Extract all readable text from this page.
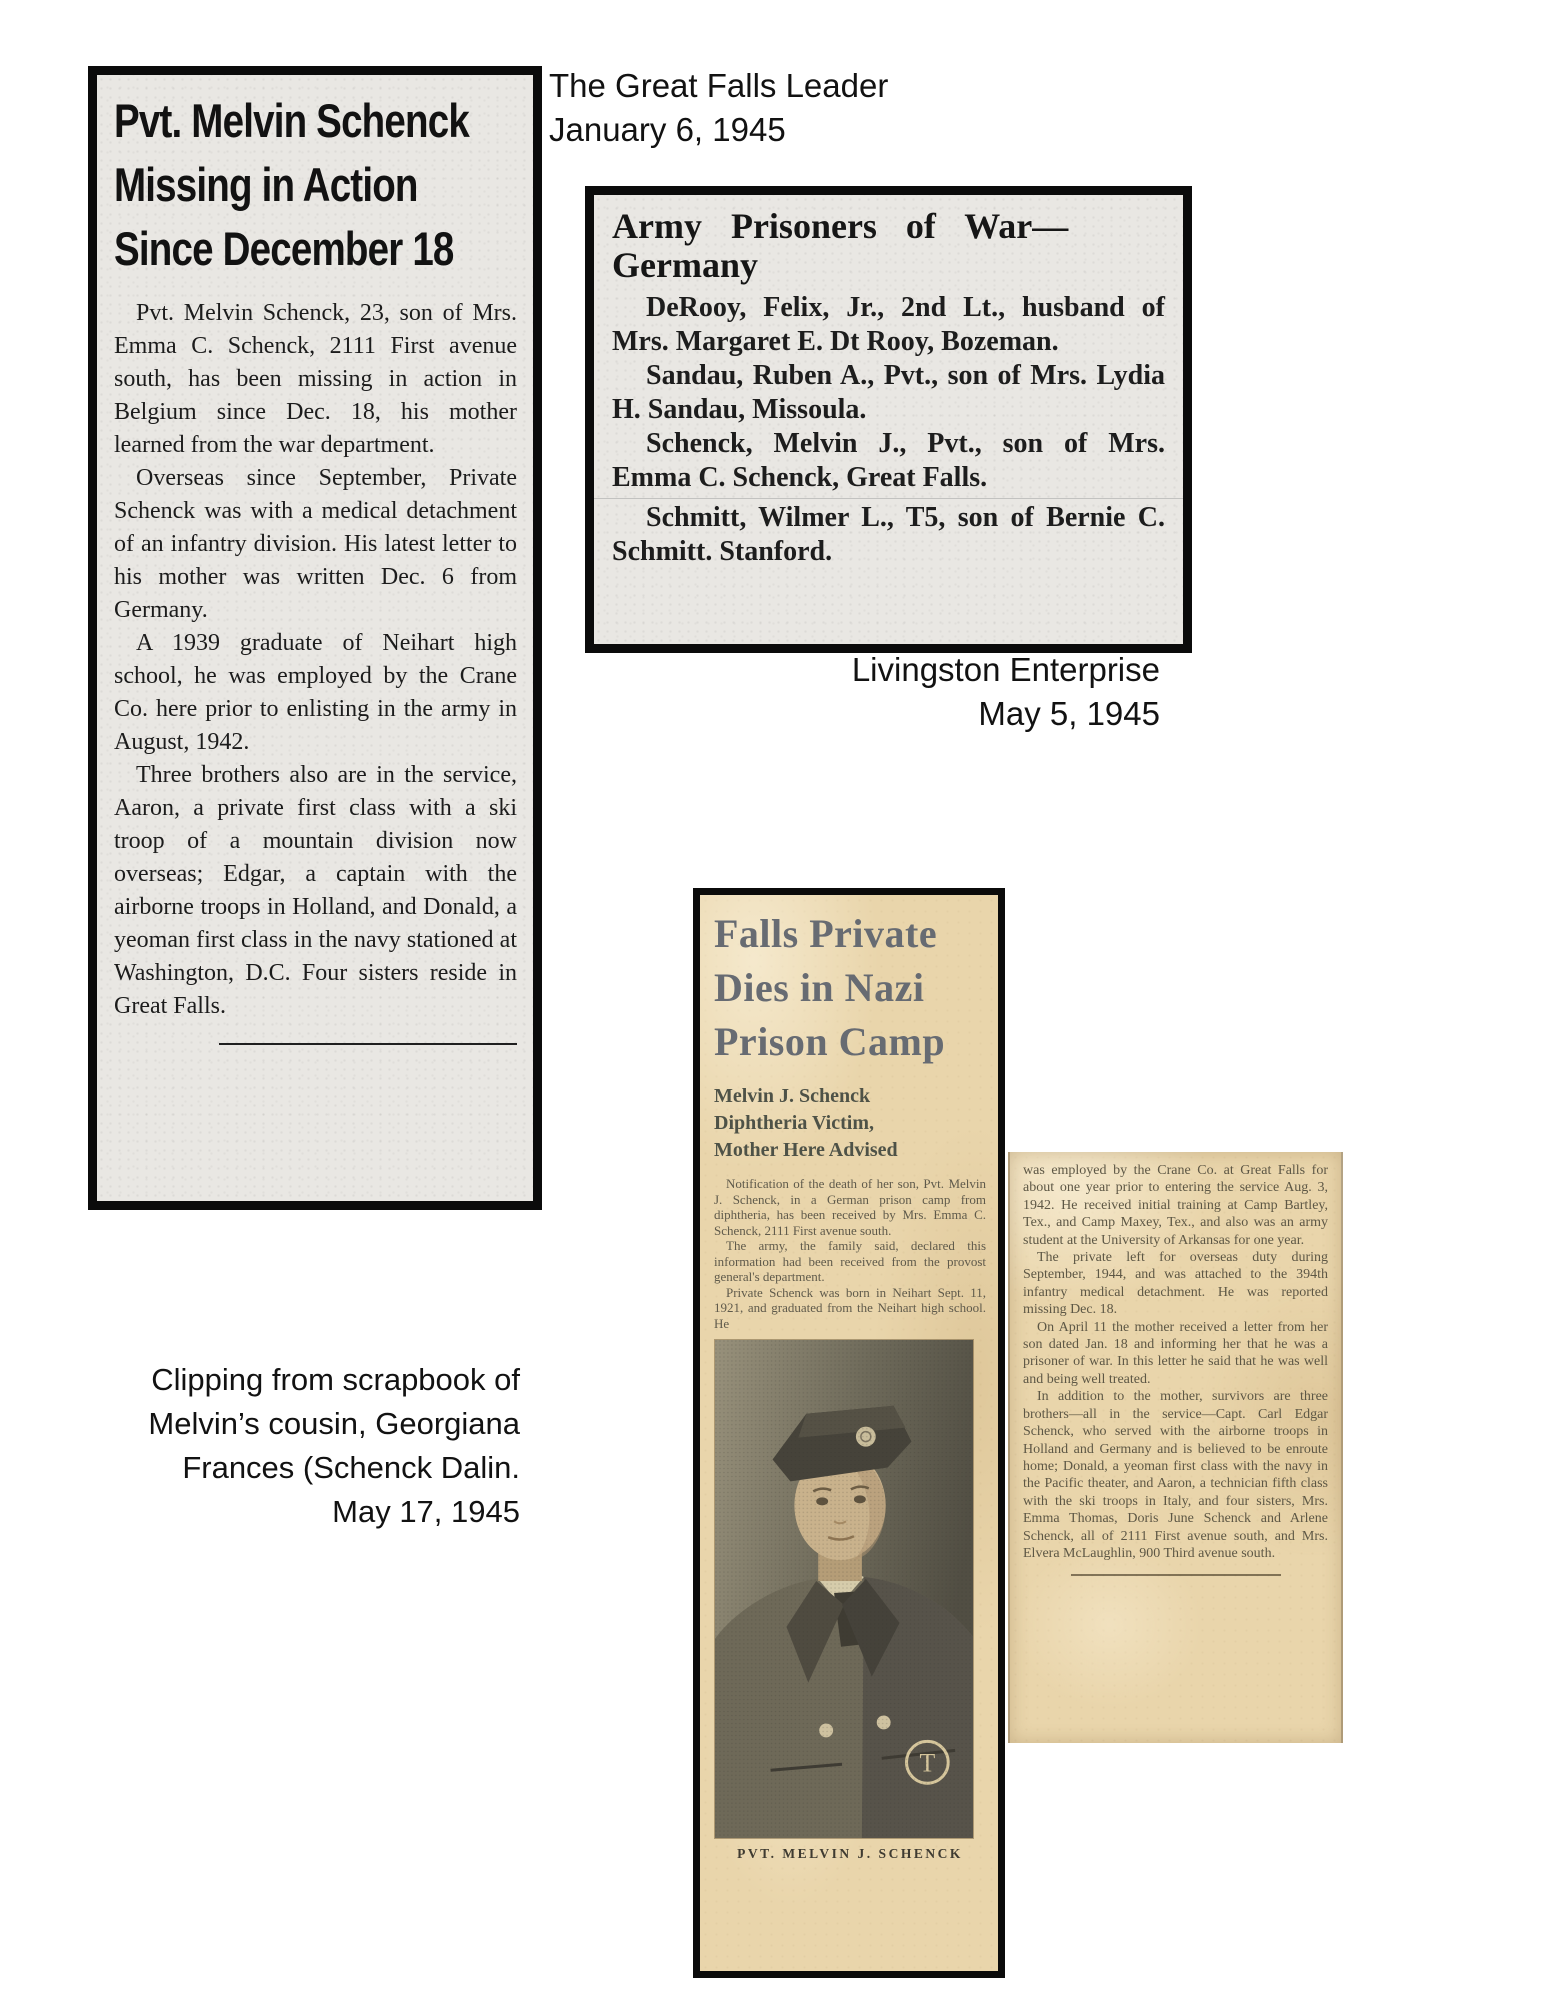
Pvt. Melvin Schenck
Missing in Action
Since December 18

Pvt. Melvin Schenck, 23, son of Mrs. Emma C. Schenck, 2111 First avenue south, has been missing in action in Belgium since Dec. 18, his mother learned from the war department.

Overseas since September, Private Schenck was with a medical detachment of an infantry division. His latest letter to his mother was written Dec. 6 from Germany.

A 1939 graduate of Neihart high school, he was employed by the Crane Co. here prior to enlisting in the army in August, 1942.

Three brothers also are in the service, Aaron, a private first class with a ski troop of a mountain division now overseas; Edgar, a captain with the airborne troops in Holland, and Donald, a yeoman first class in the navy stationed at Washington, D.C. Four sisters reside in Great Falls.

The Great Falls Leader
January 6, 1945
Army Prisoners of War—
Germany

DeRooy, Felix, Jr., 2nd Lt., husband of Mrs. Margaret E. Dt Rooy, Bozeman.

Sandau, Ruben A., Pvt., son of Mrs. Lydia H. Sandau, Missoula.

Schenck, Melvin J., Pvt., son of Mrs. Emma C. Schenck, Great Falls.

Schmitt, Wilmer L., T5, son of Bernie C. Schmitt. Stanford.

Livingston Enterprise
May 5, 1945
Clipping from scrapbook of
Melvin’s cousin, Georgiana
Frances (Schenck Dalin.
May 17, 1945
Falls Private
Dies in Nazi
Prison Camp
Melvin J. Schenck
Diphtheria Victim,
Mother Here Advised

Notification of the death of her son, Pvt. Melvin J. Schenck, in a German prison camp from diphtheria, has been received by Mrs. Emma C. Schenck, 2111 First avenue south.

The army, the family said, declared this information had been received from the provost general's department.

Private Schenck was born in Neihart Sept. 11, 1921, and graduated from the Neihart high school. He

PVT. MELVIN J. SCHENCK

was employed by the Crane Co. at Great Falls for about one year prior to entering the service Aug. 3, 1942. He received initial training at Camp Bartley, Tex., and Camp Maxey, Tex., and also was an army student at the University of Arkansas for one year.

The private left for overseas duty during September, 1944, and was attached to the 394th infantry medical detachment. He was reported missing Dec. 18.

On April 11 the mother received a letter from her son dated Jan. 18 and informing her that he was a prisoner of war. In this letter he said that he was well and being well treated.

In addition to the mother, survivors are three brothers—all in the service—Capt. Carl Edgar Schenck, who served with the airborne troops in Holland and Germany and is believed to be enroute home; Donald, a yeoman first class with the navy in the Pacific theater, and Aaron, a technician fifth class with the ski troops in Italy, and four sisters, Mrs. Emma Thomas, Doris June Schenck and Arlene Schenck, all of 2111 First avenue south, and Mrs. Elvera McLaughlin, 900 Third avenue south.
